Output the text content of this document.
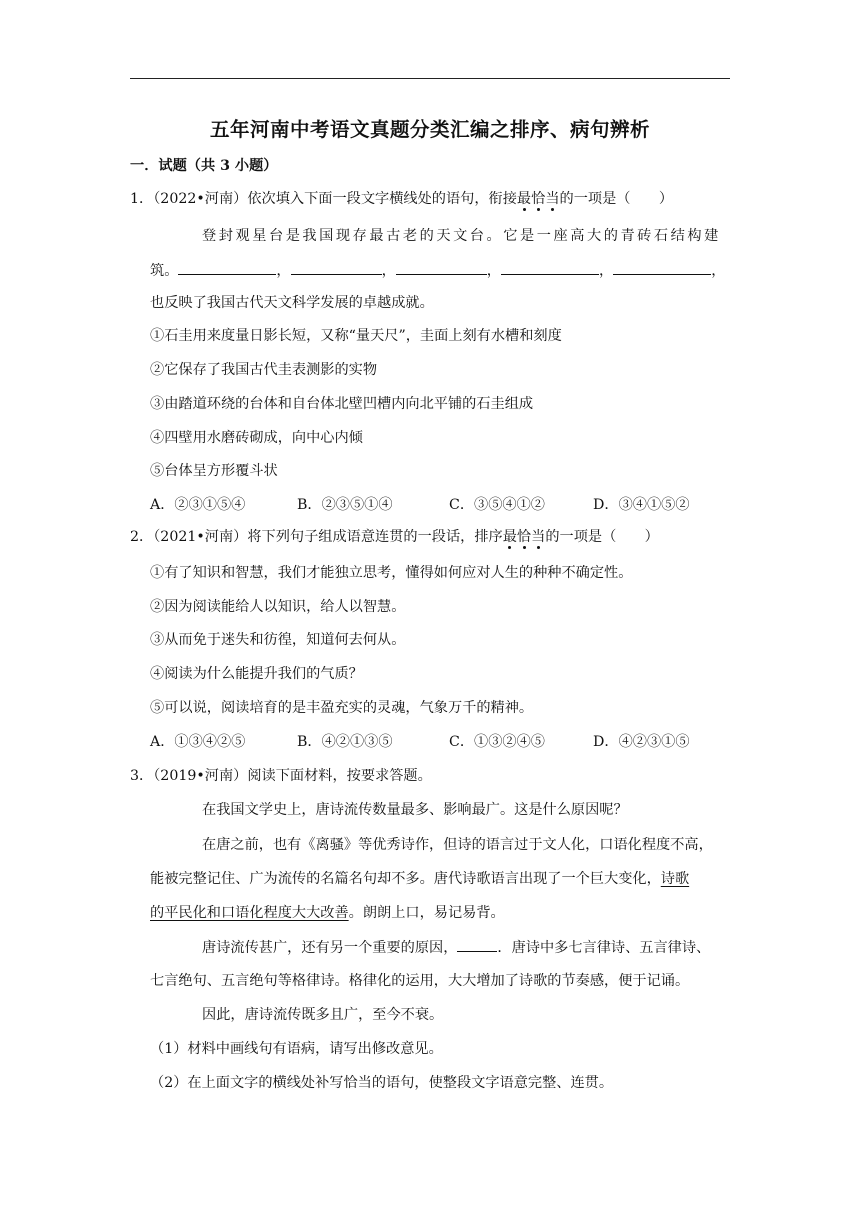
五年河南中考语文真题分类汇编之排序、病句辨析
一．试题（共 3 小题）
1．（2022•河南）依次填入下面一段文字横线处的语句，衔接最恰当的一项是（　　）
登封观星台是我国现存最古老的天文台。它是一座高大的青砖石结构建
筑。	，	，	，	，	，
也反映了我国古代天文科学发展的卓越成就。
①石圭用来度量日影长短，又称“量天尺”，圭面上刻有水槽和刻度
②它保存了我国古代圭表测影的实物
③由踏道环绕的台体和自台体北壁凹槽内向北平铺的石圭组成
④四壁用水磨砖砌成，向中心内倾
⑤台体呈方形覆斗状
A．②③①⑤④	B．②③⑤①④	C．③⑤④①②	D．③④①⑤②
2．（2021•河南）将下列句子组成语意连贯的一段话，排序最恰当的一项是（　　）
①有了知识和智慧，我们才能独立思考，懂得如何应对人生的种种不确定性。
②因为阅读能给人以知识，给人以智慧。
③从而免于迷失和彷徨，知道何去何从。
④阅读为什么能提升我们的气质？
⑤可以说，阅读培育的是丰盈充实的灵魂，气象万千的精神。
A．①③④②⑤	B．④②①③⑤	C．①③②④⑤	D．④②③①⑤
3．（2019•河南）阅读下面材料，按要求答题。
在我国文学史上，唐诗流传数量最多、影响最广。这是什么原因呢？
在唐之前，也有《离骚》等优秀诗作，但诗的语言过于文人化，口语化程度不高，
能被完整记住、广为流传的名篇名句却不多。唐代诗歌语言出现了一个巨大变化，诗歌
的平民化和口语化程度大大改善。朗朗上口，易记易背。
唐诗流传甚广，还有另一个重要的原因，	．唐诗中多七言律诗、五言律诗、
七言绝句、五言绝句等格律诗。格律化的运用，大大增加了诗歌的节奏感，便于记诵。
因此，唐诗流传既多且广，至今不衰。
（1）材料中画线句有语病，请写出修改意见。
（2）在上面文字的横线处补写恰当的语句，使整段文字语意完整、连贯。
